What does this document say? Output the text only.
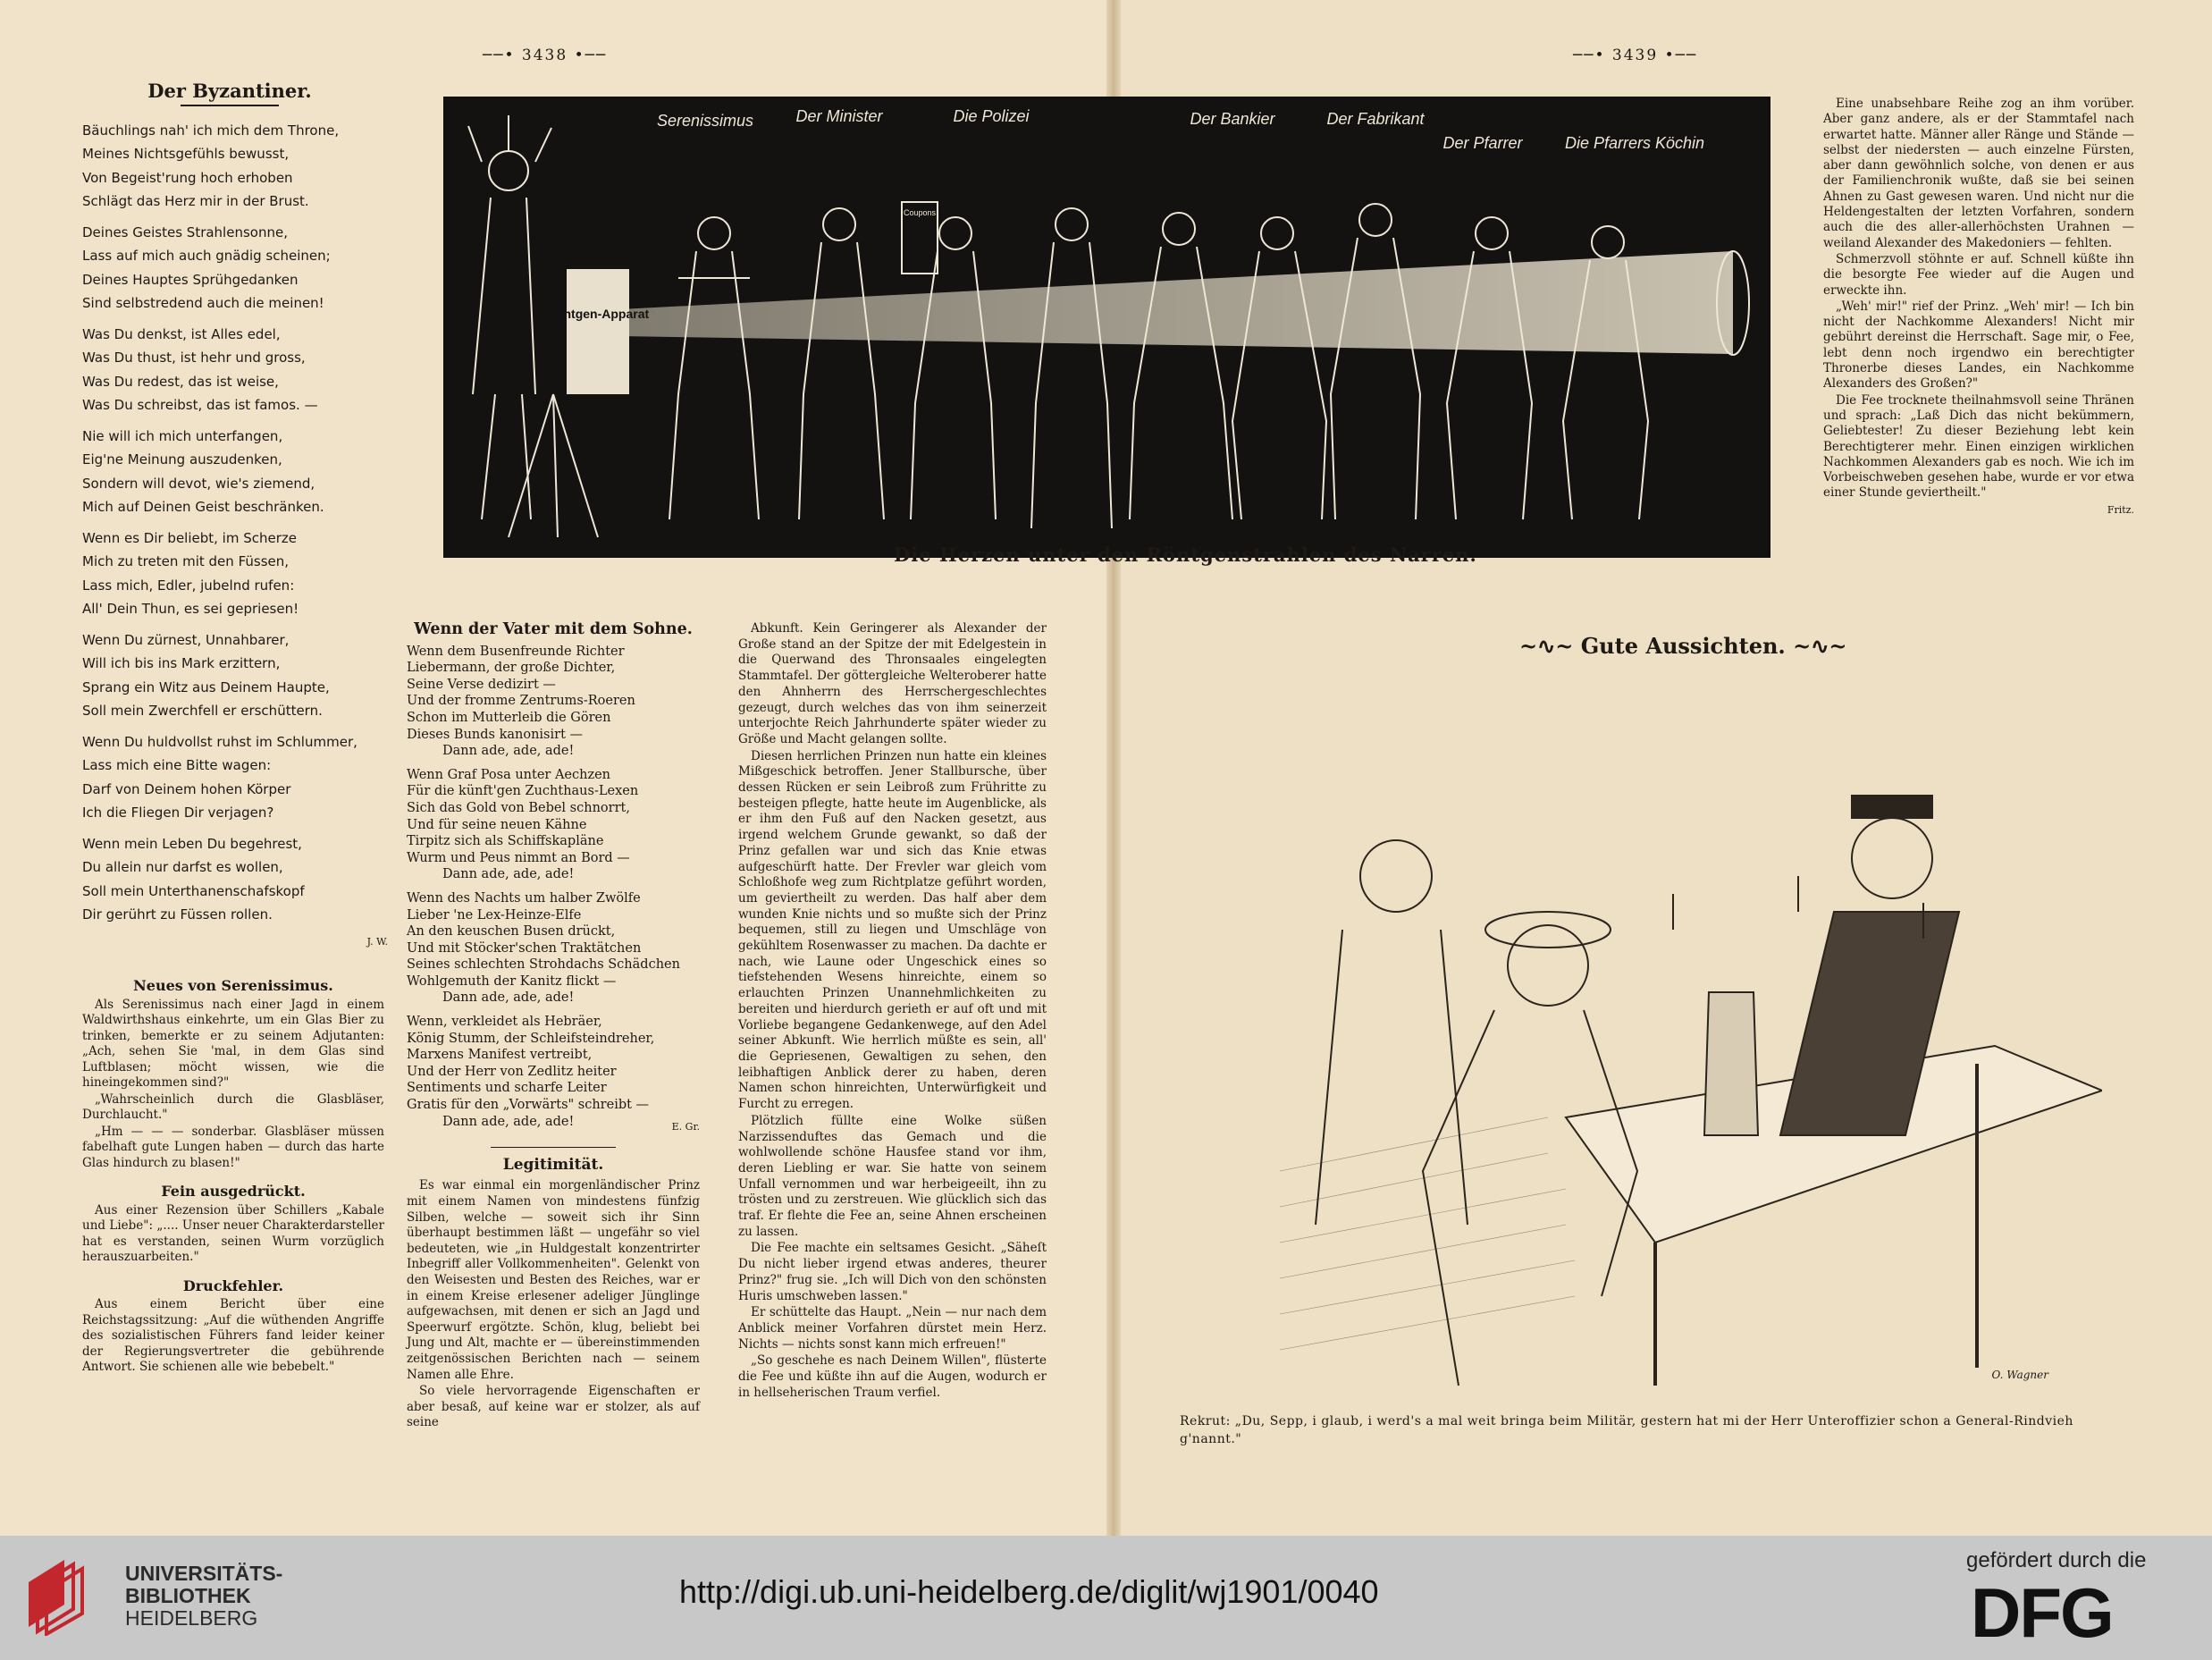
──• 3438 •──	──• 3439 •──
Der Byzantiner.
Bäuchlings nah' ich mich dem Throne,
Meines Nichtsgefühls bewusst,
Von Begeist'rung hoch erhoben
Schlägt das Herz mir in der Brust.
Deines Geistes Strahlensonne,
Lass auf mich auch gnädig scheinen;
Deines Hauptes Sprühgedanken
Sind selbstredend auch die meinen!
Was Du denkst, ist Alles edel,
Was Du thust, ist hehr und gross,
Was Du redest, das ist weise,
Was Du schreibst, das ist famos. —
Nie will ich mich unterfangen,
Eig'ne Meinung auszudenken,
Sondern will devot, wie's ziemend,
Mich auf Deinen Geist beschränken.
Wenn es Dir beliebt, im Scherze
Mich zu treten mit den Füssen,
Lass mich, Edler, jubelnd rufen:
All' Dein Thun, es sei gepriesen!
Wenn Du zürnest, Unnahbarer,
Will ich bis ins Mark erzittern,
Sprang ein Witz aus Deinem Haupte,
Soll mein Zwerchfell er erschüttern.
Wenn Du huldvollst ruhst im Schlummer,
Lass mich eine Bitte wagen:
Darf von Deinem hohen Körper
Ich die Fliegen Dir verjagen?
Wenn mein Leben Du begehrest,
Du allein nur darfst es wollen,
Soll mein Unterthanenschafskopf
Dir gerührt zu Füssen rollen.
J. W.
Neues von Serenissimus.

Als Serenissimus nach einer Jagd in einem Waldwirthshaus einkehrte, um ein Glas Bier zu trinken, bemerkte er zu seinem Adjutanten: „Ach, sehen Sie 'mal, in dem Glas sind Luftblasen; möcht wissen, wie die hineingekommen sind?"

„Wahrscheinlich durch die Glasbläser, Durchlaucht."

„Hm — — — sonderbar. Glasbläser müssen fabelhaft gute Lungen haben — durch das harte Glas hindurch zu blasen!"

Fein ausgedrückt.

Aus einer Rezension über Schillers „Kabale und Liebe": „.... Unser neuer Charakterdarsteller hat es verstanden, seinen Wurm vorzüglich herauszuarbeiten."

Druckfehler.

Aus einem Bericht über eine Reichstagssitzung: „Auf die wüthenden Angriffe des sozialistischen Führers fand leider keiner der Regierungsvertreter die gebührende Antwort. Sie schienen alle wie bebebelt."

Röntgen-Apparat
Coupons
Serenissimus	Der Minister	Die Polizei	Der Bankier	Der Fabrikant
Der Pfarrer	Die Pfarrers Köchin
Die Herzen unter den Röntgenstrahlen des Narren.
Wenn der Vater mit dem Sohne.
Wenn dem Busenfreunde Richter
Liebermann, der große Dichter,
Seine Verse dedizirt —
Und der fromme Zentrums-Roeren
Schon im Mutterleib die Gören
Dieses Bunds kanonisirt —
Dann ade, ade, ade!
Wenn Graf Posa unter Aechzen
Für die künft'gen Zuchthaus-Lexen
Sich das Gold von Bebel schnorrt,
Und für seine neuen Kähne
Tirpitz sich als Schiffskapläne
Wurm und Peus nimmt an Bord —
Dann ade, ade, ade!
Wenn des Nachts um halber Zwölfe
Lieber 'ne Lex-Heinze-Elfe
An den keuschen Busen drückt,
Und mit Stöcker'schen Traktätchen
Seines schlechten Strohdachs Schädchen
Wohlgemuth der Kanitz flickt —
Dann ade, ade, ade!
Wenn, verkleidet als Hebräer,
König Stumm, der Schleifsteindreher,
Marxens Manifest vertreibt,
Und der Herr von Zedlitz heiter
Sentiments und scharfe Leiter
Gratis für den „Vorwärts" schreibt —
Dann ade, ade, ade!	E. Gr.
Legitimität.

Es war einmal ein morgenländischer Prinz mit einem Namen von mindestens fünfzig Silben, welche — soweit sich ihr Sinn überhaupt bestimmen läßt — ungefähr so viel bedeuteten, wie „in Huldgestalt konzentrirter Inbegriff aller Vollkommenheiten". Gelenkt von den Weisesten und Besten des Reiches, war er in einem Kreise erlesener adeliger Jünglinge aufgewachsen, mit denen er sich an Jagd und Speerwurf ergötzte. Schön, klug, beliebt bei Jung und Alt, machte er — übereinstimmenden zeitgenössischen Berichten nach — seinem Namen alle Ehre.

So viele hervorragende Eigenschaften er aber besaß, auf keine war er stolzer, als auf seine

Abkunft. Kein Geringerer als Alexander der Große stand an der Spitze der mit Edelgestein in die Querwand des Thronsaales eingelegten Stammtafel. Der göttergleiche Welteroberer hatte den Ahnherrn des Herrschergeschlechtes gezeugt, durch welches das von ihm seinerzeit unterjochte Reich Jahrhunderte später wieder zu Größe und Macht gelangen sollte.

Diesen herrlichen Prinzen nun hatte ein kleines Mißgeschick betroffen. Jener Stallbursche, über dessen Rücken er sein Leibroß zum Frühritte zu besteigen pflegte, hatte heute im Augenblicke, als er ihm den Fuß auf den Nacken gesetzt, aus irgend welchem Grunde gewankt, so daß der Prinz gefallen war und sich das Knie etwas aufgeschürft hatte. Der Frevler war gleich vom Schloßhofe weg zum Richtplatze geführt worden, um geviertheilt zu werden. Das half aber dem wunden Knie nichts und so mußte sich der Prinz bequemen, still zu liegen und Umschläge von gekühltem Rosenwasser zu machen. Da dachte er nach, wie Laune oder Ungeschick eines so tiefstehenden Wesens hinreichte, einem so erlauchten Prinzen Unannehmlichkeiten zu bereiten und hierdurch gerieth er auf oft und mit Vorliebe begangene Gedankenwege, auf den Adel seiner Abkunft. Wie herrlich müßte es sein, all' die Gepriesenen, Gewaltigen zu sehen, den leibhaftigen Anblick derer zu haben, deren Namen schon hinreichten, Unterwürfigkeit und Furcht zu erregen.

Plötzlich füllte eine Wolke süßen Narzissenduftes das Gemach und die wohlwollende schöne Hausfee stand vor ihm, deren Liebling er war. Sie hatte von seinem Unfall vernommen und war herbeigeeilt, ihn zu trösten und zu zerstreuen. Wie glücklich sich das traf. Er flehte die Fee an, seine Ahnen erscheinen zu lassen.

Die Fee machte ein seltsames Gesicht. „Säheſt Du nicht lieber irgend etwas anderes, theurer Prinz?" frug sie. „Ich will Dich von den schönsten Huris umschweben lassen."

Er schüttelte das Haupt. „Nein — nur nach dem Anblick meiner Vorfahren dürstet mein Herz. Nichts — nichts sonst kann mich erfreuen!"

„So geschehe es nach Deinem Willen", flüsterte die Fee und küßte ihn auf die Augen, wodurch er in hellseherischen Traum verfiel.

Eine unabsehbare Reihe zog an ihm vorüber. Aber ganz andere, als er der Stammtafel nach erwartet hatte. Männer aller Ränge und Stände — selbst der niedersten — auch einzelne Fürsten, aber dann gewöhnlich solche, von denen er aus der Familienchronik wußte, daß sie bei seinen Ahnen zu Gast gewesen waren. Und nicht nur die Heldengestalten der letzten Vorfahren, sondern auch die des aller-allerhöchsten Urahnen — weiland Alexander des Makedoniers — fehlten.

Schmerzvoll stöhnte er auf. Schnell küßte ihn die besorgte Fee wieder auf die Augen und erweckte ihn.

„Weh' mir!" rief der Prinz. „Weh' mir! — Ich bin nicht der Nachkomme Alexanders! Nicht mir gebührt dereinst die Herrschaft. Sage mir, o Fee, lebt denn noch irgendwo ein berechtigter Thronerbe dieses Landes, ein Nachkomme Alexanders des Großen?"

Die Fee trocknete theilnahmsvoll seine Thränen und sprach: „Laß Dich das nicht bekümmern, Geliebtester! Zu dieser Beziehung lebt kein Berechtigterer mehr. Einen einzigen wirklichen Nachkommen Alexanders gab es noch. Wie ich im Vorbeischweben gesehen habe, wurde er vor etwa einer Stunde geviertheilt."

Fritz.
~∿~ Gute Aussichten. ~∿~
O. Wagner
Rekrut: „Du, Sepp, i glaub, i werd's a mal weit bringa beim Militär, gestern hat mi der Herr Unteroffizier schon a General-Rindvieh g'nannt."
UNIVERSITÄTS-
BIBLIOTHEK
HEIDELBERG
http://digi.ub.uni-heidelberg.de/diglit/wj1901/0040
gefördert durch die
DFG
